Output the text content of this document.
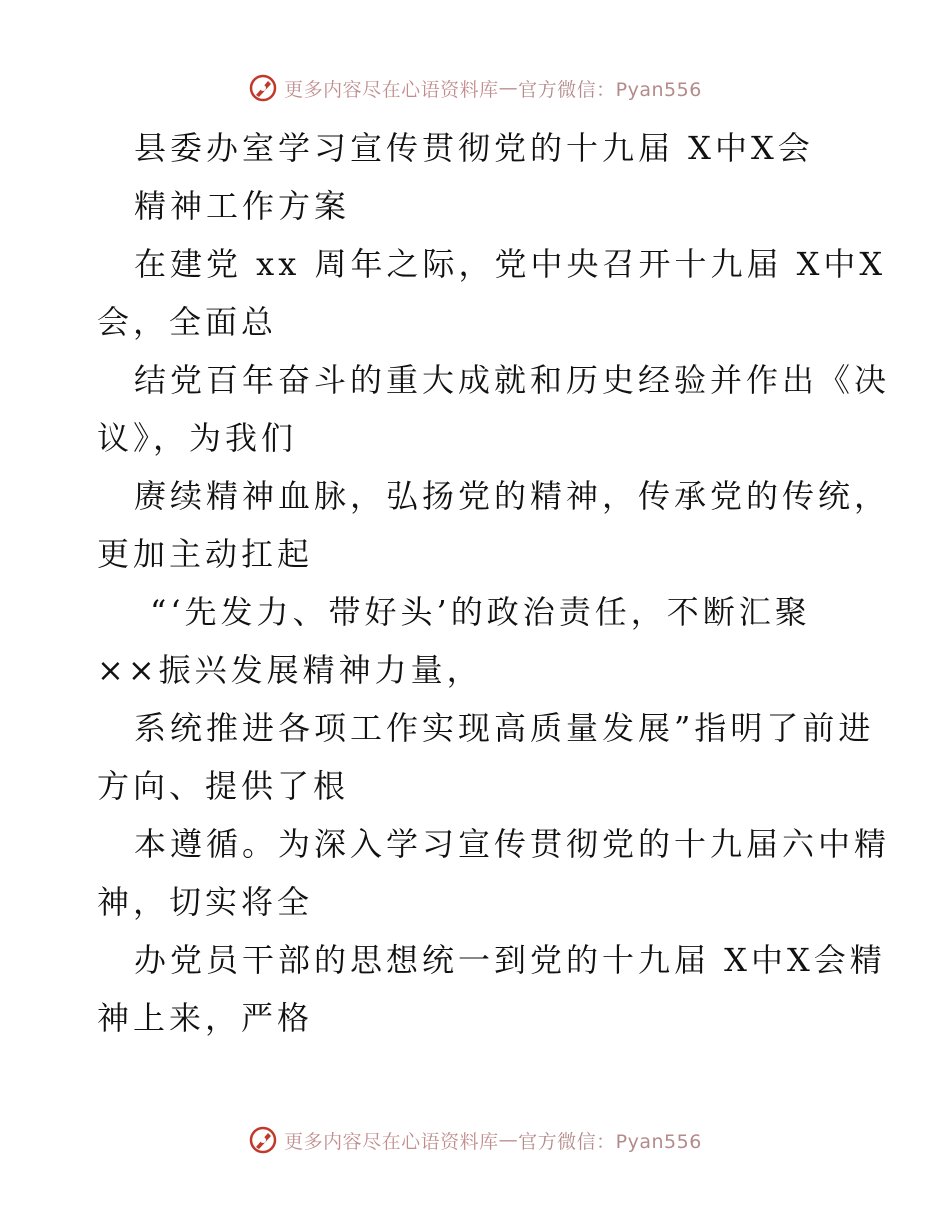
更多内容尽在心语资料库 — 官方微信：Pyan556
县委办室学习宣传贯彻党的十九届 X中X会
精神工作方案
在建党 xx 周年之际，党中央召开十九届 X中X
会，全面总
结党百年奋斗的重大成就和历史经验并作出《决
议》，为我们
赓续精神血脉，弘扬党的精神，传承党的传统，
更加主动扛起
“‘先发力、带好头’的政治责任，不断汇聚
××振兴发展精神力量，
系统推进各项工作实现高质量发展”指明了前进
方向、提供了根
本遵循。为深入学习宣传贯彻党的十九届六中精
神，切实将全
办党员干部的思想统一到党的十九届 X中X会精
神上来，严格
更多内容尽在心语资料库 — 官方微信：Pyan556
